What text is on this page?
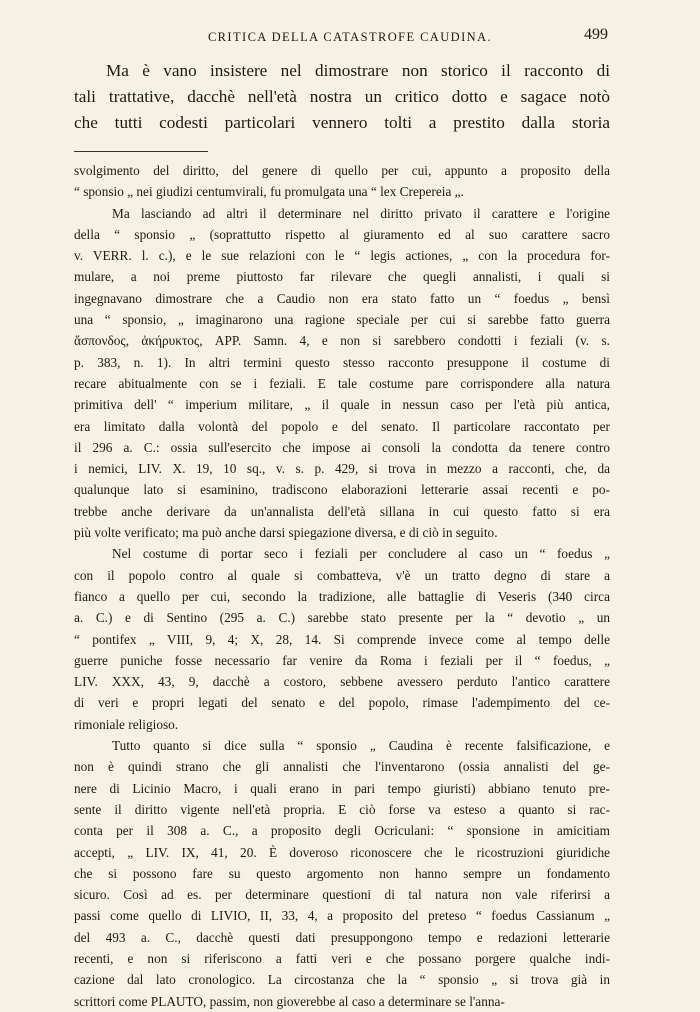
CRITICA DELLA CATASTROFE CAUDINA.	499
Ma è vano insistere nel dimostrare non storico il racconto di
tali trattative, dacchè nell'età nostra un critico dotto e sagace notò
che tutti codesti particolari vennero tolti a prestito dalla storia
svolgimento del diritto, del genere di quello per cui, appunto a proposito della
“ sponsio „ nei giudizi centumvirali, fu promulgata una “ lex Crepereia „.
Ma lasciando ad altri il determinare nel diritto privato il carattere e l'origine
della “ sponsio „ (soprattutto rispetto al giuramento ed al suo carattere sacro
v. VERR. l. c.), e le sue relazioni con le “ legis actiones, „ con la procedura for-
mulare, a noi preme piuttosto far rilevare che quegli annalisti, i quali si
ingegnavano dimostrare che a Caudio non era stato fatto un “ foedus „ bensì
una “ sponsio, „ imaginarono una ragione speciale per cui si sarebbe fatto guerra
ἄσπονδος, ἀκήρυκτος, APP. Samn. 4, e non si sarebbero condotti i feziali (v. s.
p. 383, n. 1). In altri termini questo stesso racconto presuppone il costume di
recare abitualmente con se i feziali. E tale costume pare corrispondere alla natura
primitiva dell' “ imperium militare, „ il quale in nessun caso per l'età più antica,
era limitato dalla volontà del popolo e del senato. Il particolare raccontato per
il 296 a. C.: ossia sull'esercito che impose ai consoli la condotta da tenere contro
i nemici, LIV. X. 19, 10 sq., v. s. p. 429, si trova in mezzo a racconti, che, da
qualunque lato si esaminino, tradiscono elaborazioni letterarie assai recenti e po-
trebbe anche derivare da un'annalista dell'età sillana in cui questo fatto si era
più volte verificato; ma può anche darsi spiegazione diversa, e di ciò in seguito.
Nel costume di portar seco i feziali per concludere al caso un “ foedus „
con il popolo contro al quale si combatteva, v'è un tratto degno di stare a
fianco a quello per cui, secondo la tradizione, alle battaglie di Veseris (340 circa
a. C.) e di Sentino (295 a. C.) sarebbe stato presente per la “ devotio „ un
“ pontifex „ VIII, 9, 4; X, 28, 14. Si comprende invece come al tempo delle
guerre puniche fosse necessario far venire da Roma i feziali per il “ foedus, „
LIV. XXX, 43, 9, dacchè a costoro, sebbene avessero perduto l'antico carattere
di veri e propri legati del senato e del popolo, rimase l'adempimento del ce-
rimoniale religioso.
Tutto quanto si dice sulla “ sponsio „ Caudina è recente falsificazione, e
non è quindi strano che gli annalisti che l'inventarono (ossia annalisti del ge-
nere di Licinio Macro, i quali erano in pari tempo giuristi) abbiano tenuto pre-
sente il diritto vigente nell'età propria. E ciò forse va esteso a quanto si rac-
conta per il 308 a. C., a proposito degli Ocriculani: “ sponsione in amicitiam
accepti, „ LIV. IX, 41, 20. È doveroso riconoscere che le ricostruzioni giuridiche
che si possono fare su questo argomento non hanno sempre un fondamento
sicuro. Così ad es. per determinare questioni di tal natura non vale riferirsi a
passi come quello di LIVIO, II, 33, 4, a proposito del preteso “ foedus Cassianum „
del 493 a. C., dacchè questi dati presuppongono tempo e redazioni letterarie
recenti, e non si riferiscono a fatti veri e che possano porgere qualche indi-
cazione dal lato cronologico. La circostanza che la “ sponsio „ si trova già in
scrittori come PLAUTO, passim, non gioverebbe al caso a determinare se l'anna-
